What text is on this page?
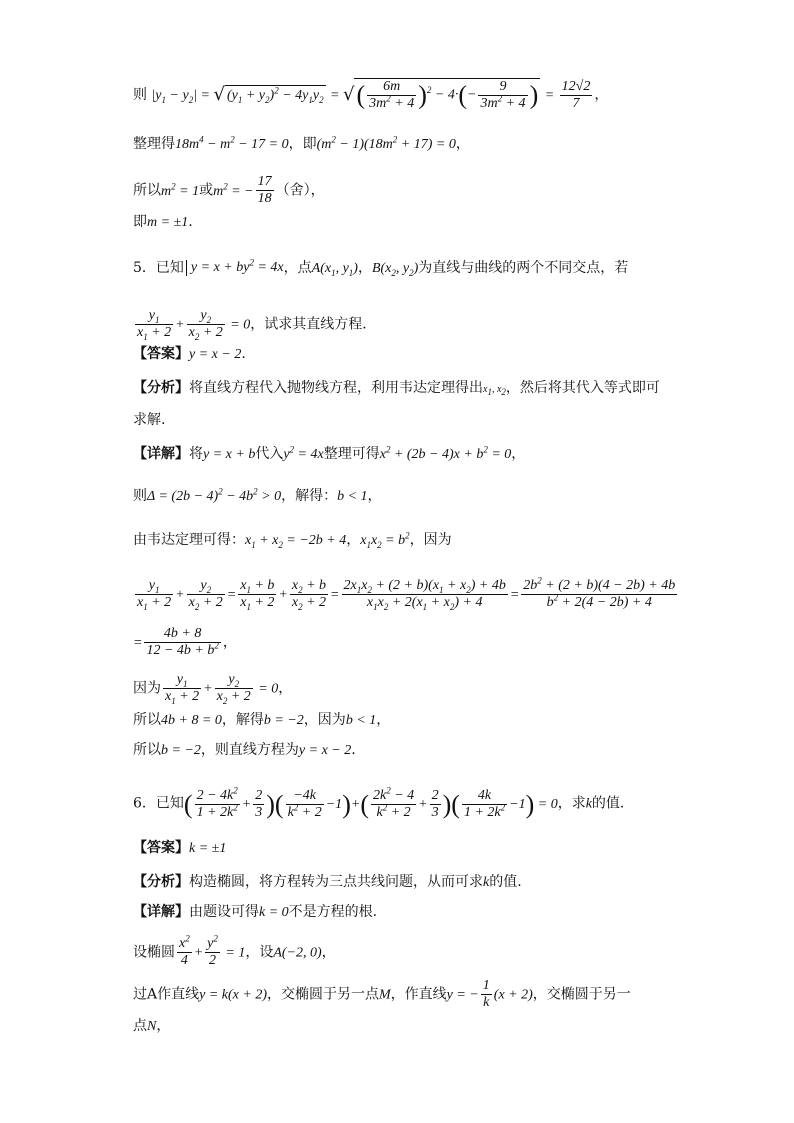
则 $|y_1 - y_2|$ = √ $(y_1 + y_2)^2 - 4y_1y_2$ = √( $\frac{6m}{3m^2 + 4} )^2 - 4\cdot(- \frac{9}{3m^2 + 4}$ ) = $\frac{12√2}{7}$ ，
整理得$18m^4 - m^2 - 17 = 0$，即$(m^2 - 1)(18m^2 + 17) = 0$，
所以$m^2 = 1$或$m^2$ = − $\frac{17}{18}$ （舍），
即m = ±1.
5．已知 $y = x + by^2 = 4x$，点$A(x_1$, $y_1$)，$B(x_2$, $y_2$)为直线与曲线的两个不同交点，若
$\frac{y_1}{x_1 + 2} + \frac{y_2}{x_2 + 2} = 0$，试求其直线方程．
【答案】y = x − 2.
【分析】将直线方程代入抛物线方程，利用韦达定理得出$x_1$, $x_2$，然后将其代入等式即可
求解.
【详解】将y = x + b代入$y^2 = 4x$整理可得$x^2 + (2b - 4)x + b^2 = 0$，
则$\Delta = (2b - 4)^2 - 4b^2 > 0$，解得：b < 1，
由韦达定理可得：$x_1 + x_2 = -2b + 4$，$x_1x_2 = b^2$，因为
$\frac{y_1}{x_1 + 2} + \frac{y_2}{x_2 + 2} = \frac{x_1 + b}{x_1 + 2} + \frac{x_2 + b}{x_2 + 2} = \frac{2x_1x_2 + (2 + b)(x_1 + x_2) + 4b}{x_1x_2 + 2(x_1 + x_2) + 4} = \frac{2b^2 + (2 + b)(4 - 2b) + 4b}{b^2 + 2(4 - 2b) + 4}$
= $\frac{4b + 8}{12 - 4b + b^2}$ ，
因为 $\frac{y_1}{x_1 + 2} + \frac{y_2}{x_2 + 2} = 0$，
所以4b + 8 = 0，解得b = −2，因为b < 1，
所以b = −2，则直线方程为y = x − 2.
6．已知( $\frac{2 - 4k^2}{1 + 2k^2} + \frac{2}{3}$ )( $\frac{-4k}{k^2 + 2} -1)+( \frac{2k^2 - 4}{k^2 + 2} + \frac{2}{3}$ )( $\frac{4k}{1 + 2k^2} -1) = 0$，求k的值．
【答案】k = ±1
【分析】构造椭圆，将方程转为三点共线问题，从而可求k的值.
【详解】由题设可得k = 0不是方程的根.
设椭圆 $\frac{x^2}{4} + \frac{y^2}{2} = 1$，设A(−2, 0)，
过A作直线y = k(x + 2)，交椭圆于另一点M，作直线y = − $\frac{1}{k} (x + 2)$，交椭圆于另一
点N，
